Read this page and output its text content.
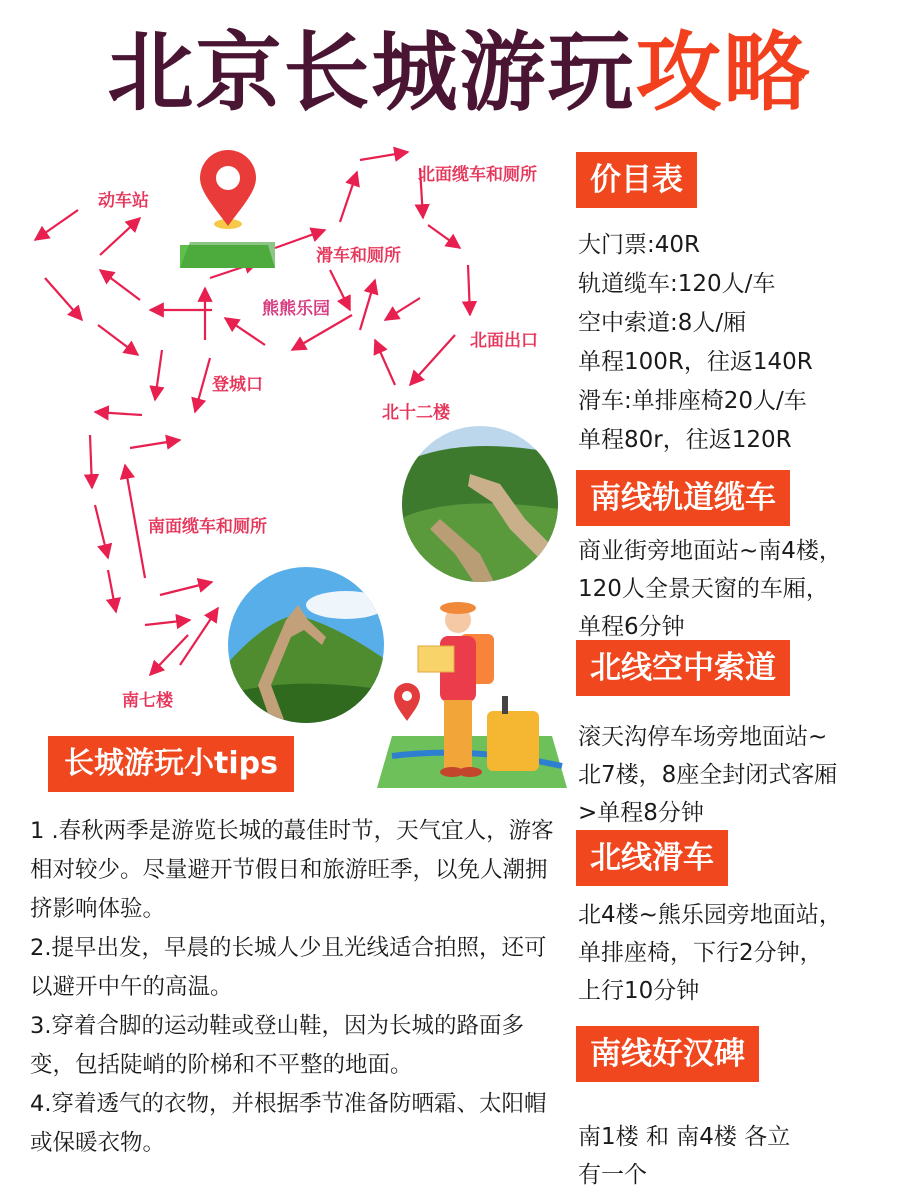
北京长城游玩攻略
动车站
北面缆车和厕所
滑车和厕所
熊熊乐园
北面出口
登城口
北十二楼
南面缆车和厕所
南七楼
价目表
大门票:40R
轨道缆车:120人/车
空中索道:8人/厢
单程100R，往返140R
滑车:单排座椅20人/车
单程80r，往返120R
南线轨道缆车
商业街旁地面站~南4楼，
120人全景天窗的车厢，
单程6分钟
北线空中索道
滚天沟停车场旁地面站~
北7楼，8座全封闭式客厢
>单程8分钟
北线滑车
北4楼~熊乐园旁地面站，
单排座椅，下行2分钟，
上行10分钟
南线好汉碑
南1楼 和 南4楼 各立
有一个
长城游玩小tips

1 .春秋两季是游览长城的蕞佳时节，天气宜人，游客相对较少。尽量避开节假日和旅游旺季，以免人潮拥挤影响体验。

2.提早出发，早晨的长城人少且光线适合拍照，还可以避开中午的高温。

3.穿着合脚的运动鞋或登山鞋，因为长城的路面多变，包括陡峭的阶梯和不平整的地面。

4.穿着透气的衣物，并根据季节准备防晒霜、太阳帽或保暖衣物。
